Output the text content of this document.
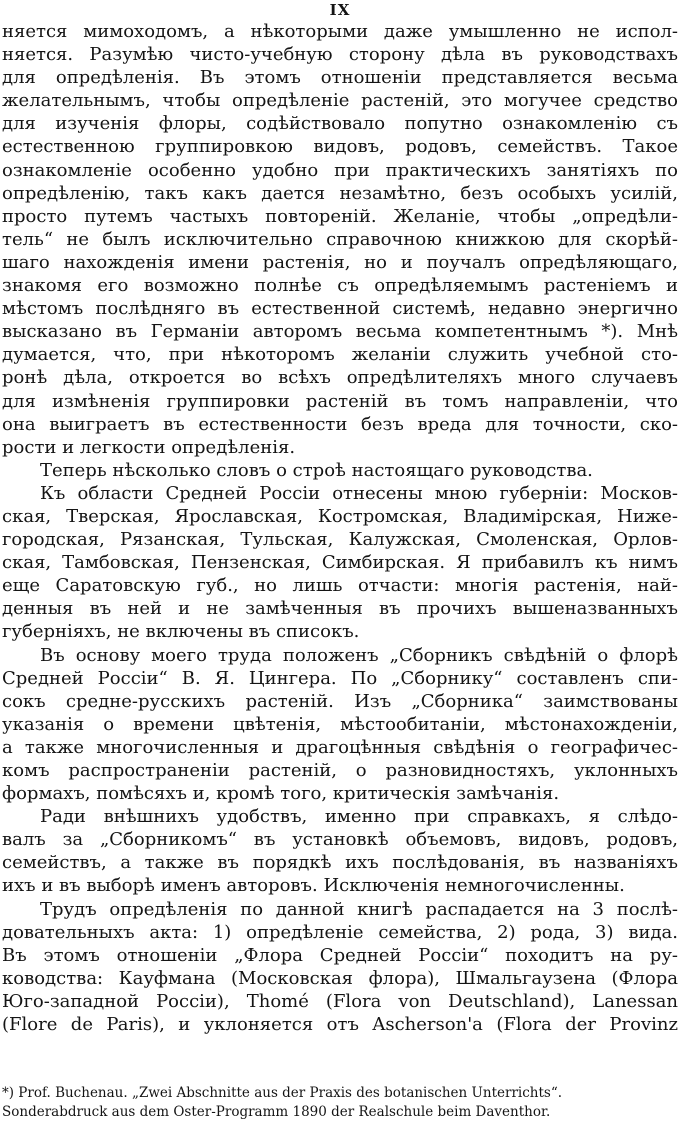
IX
няется мимоходомъ, а нѣкоторыми даже умышленно не испол-
няется. Разумѣю чисто-учебную сторону дѣла въ руководствахъ
для опредѣленія. Въ этомъ отношеніи представляется весьма
желательнымъ, чтобы опредѣленіе растеній, это могучее средство
для изученія флоры, содѣйствовало попутно ознакомленію съ
естественною группировкою видовъ, родовъ, семействъ. Такое
ознакомленіе особенно удобно при практическихъ занятіяхъ по
опредѣленію, такъ какъ дается незамѣтно, безъ особыхъ усилій,
просто путемъ частыхъ повтореній. Желаніе, чтобы „опредѣли-
тель“ не былъ исключительно справочною книжкою для скорѣй-
шаго нахожденія имени растенія, но и поучалъ опредѣляющаго,
знакомя его возможно полнѣе съ опредѣляемымъ растеніемъ и
мѣстомъ послѣдняго въ естественной системѣ, недавно энергично
высказано въ Германіи авторомъ весьма компетентнымъ *). Мнѣ
думается, что, при нѣкоторомъ желаніи служить учебной сто-
ронѣ дѣла, откроется во всѣхъ опредѣлителяхъ много случаевъ
для измѣненія группировки растеній въ томъ направленіи, что
она выиграетъ въ естественности безъ вреда для точности, ско-
рости и легкости опредѣленія.
Теперь нѣсколько словъ о строѣ настоящаго руководства.
Къ области Средней Россіи отнесены мною губерніи: Москов-
ская, Тверская, Ярославская, Костромская, Владимірская, Ниже-
городская, Рязанская, Тульская, Калужская, Смоленская, Орлов-
ская, Тамбовская, Пензенская, Симбирская. Я прибавилъ къ нимъ
еще Саратовскую губ., но лишь отчасти: многія растенія, най-
денныя въ ней и не замѣченныя въ прочихъ вышеназванныхъ
губерніяхъ, не включены въ списокъ.
Въ основу моего труда положенъ „Сборникъ свѣдѣній о флорѣ
Средней Россіи“ В. Я. Цингера. По „Сборнику“ составленъ спи-
сокъ средне-русскихъ растеній. Изъ „Сборника“ заимствованы
указанія о времени цвѣтенія, мѣстообитаніи, мѣстонахожденіи,
а также многочисленныя и драгоцѣнныя свѣдѣнія о географичес-
комъ распространеніи растеній, о разновидностяхъ, уклонныхъ
формахъ, помѣсяхъ и, кромѣ того, критическія замѣчанія.
Ради внѣшнихъ удобствъ, именно при справкахъ, я слѣдо-
валъ за „Сборникомъ“ въ установкѣ объемовъ, видовъ, родовъ,
семействъ, а также въ порядкѣ ихъ послѣдованія, въ названіяхъ
ихъ и въ выборѣ именъ авторовъ. Исключенія немногочисленны.
Трудъ опредѣленія по данной книгѣ распадается на 3 послѣ-
довательныхъ акта: 1) опредѣленіе семейства, 2) рода, 3) вида.
Въ этомъ отношеніи „Флора Средней Россіи“ походитъ на ру-
ководства: Кауфмана (Московская флора), Шмальгаузена (Флора
Юго-западной Россіи), Thomé (Flora von Deutschland), Lanessan
(Flore de Paris), и уклоняется отъ Ascherson'а (Flora der Provinz
*) Prof. Buchenau. „Zwei Abschnitte aus der Praxis des botanischen Unterrichts“.
Sonderabdruck aus dem Oster-Programm 1890 der Realschule beim Daventhor.
